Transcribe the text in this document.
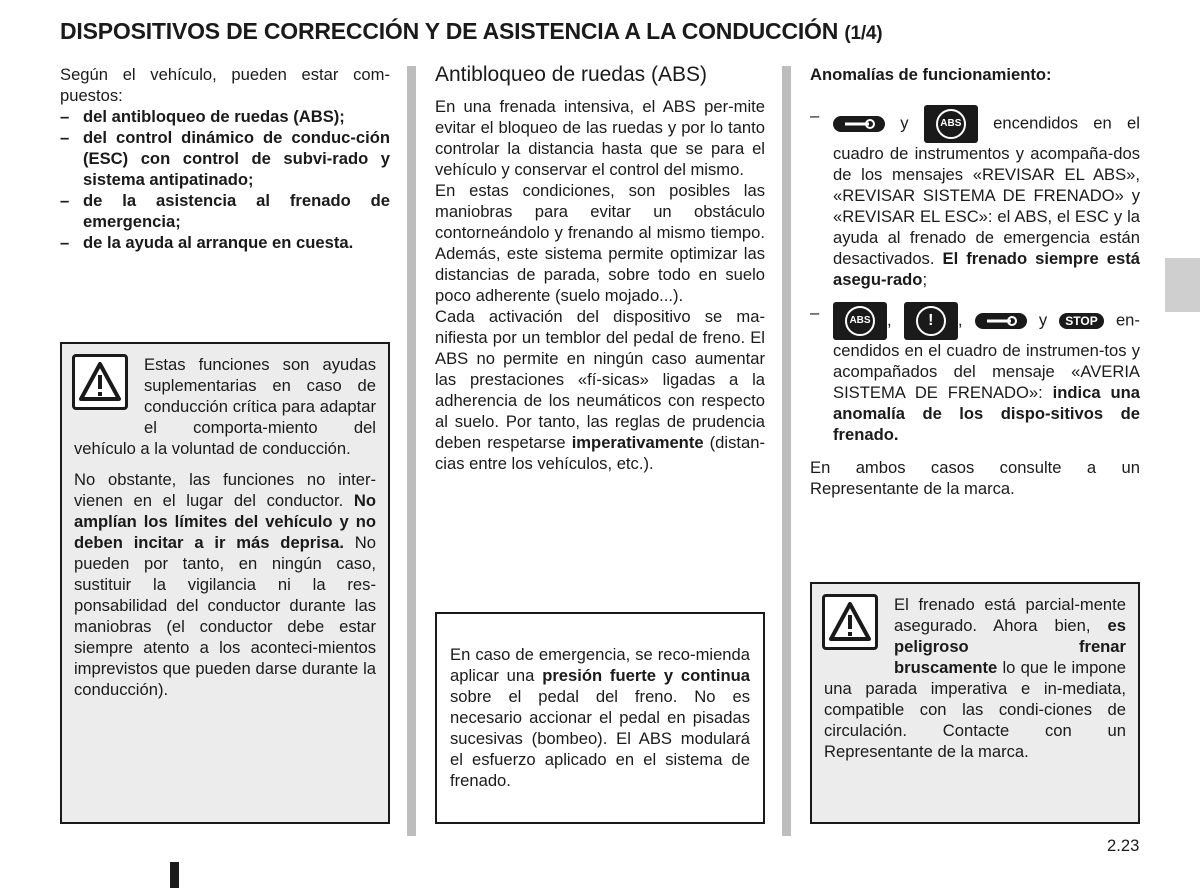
DISPOSITIVOS DE CORRECCIÓN Y DE ASISTENCIA A LA CONDUCCIÓN (1/4)
Según el vehículo, pueden estar com-puestos:
– del antibloqueo de ruedas (ABS);
– del control dinámico de conduc-ción (ESC) con control de subvi-rado y sistema antipatinado;
– de la asistencia al frenado de emergencia;
– de la ayuda al arranque en cuesta.
Estas funciones son ayudas suplementarias en caso de conducción crítica para adaptar el comporta-miento del vehículo a la voluntad de conducción.
No obstante, las funciones no inter-vienen en el lugar del conductor. No amplían los límites del vehículo y no deben incitar a ir más deprisa. No pueden por tanto, en ningún caso, sustituir la vigilancia ni la res-ponsabilidad del conductor durante las maniobras (el conductor debe estar siempre atento a los aconteci-mientos imprevistos que pueden darse durante la conducción).
Antibloqueo de ruedas (ABS)
En una frenada intensiva, el ABS per-mite evitar el bloqueo de las ruedas y por lo tanto controlar la distancia hasta que se para el vehículo y conservar el control del mismo.
En estas condiciones, son posibles las maniobras para evitar un obstáculo contorneándolo y frenando al mismo tiempo. Además, este sistema permite optimizar las distancias de parada, sobre todo en suelo poco adherente (suelo mojado...).
Cada activación del dispositivo se ma-nifiesta por un temblor del pedal de freno. El ABS no permite en ningún caso aumentar las prestaciones «fí-sicas» ligadas a la adherencia de los neumáticos con respecto al suelo. Por tanto, las reglas de prudencia deben respetarse imperativamente (distan-cias entre los vehículos, etc.).
En caso de emergencia, se reco-mienda aplicar una presión fuerte y continua sobre el pedal del freno. No es necesario accionar el pedal en pisadas sucesivas (bombeo). El ABS modulará el esfuerzo aplicado en el sistema de frenado.
Anomalías de funcionamiento:
–	y	ABS encendidos en el cuadro de instrumentos y acompaña-dos de los mensajes «REVISAR EL ABS», «REVISAR SISTEMA DE FRENADO» y «REVISAR EL ESC»: el ABS, el ESC y la ayuda al frenado de emergencia están desactivados. El frenado siempre está asegu-rado;
–	ABS ,	!	,	y STOP en-cendidos en el cuadro de instrumen-tos y acompañados del mensaje «AVERIA SISTEMA DE FRENADO»: indica una anomalía de los dispo-sitivos de frenado.
En ambos casos consulte a un Representante de la marca.
El frenado está parcial-mente asegurado. Ahora bien, es peligroso frenar bruscamente lo que le impone una parada imperativa e in-mediata, compatible con las condi-ciones de circulación. Contacte con un Representante de la marca.
2.23
